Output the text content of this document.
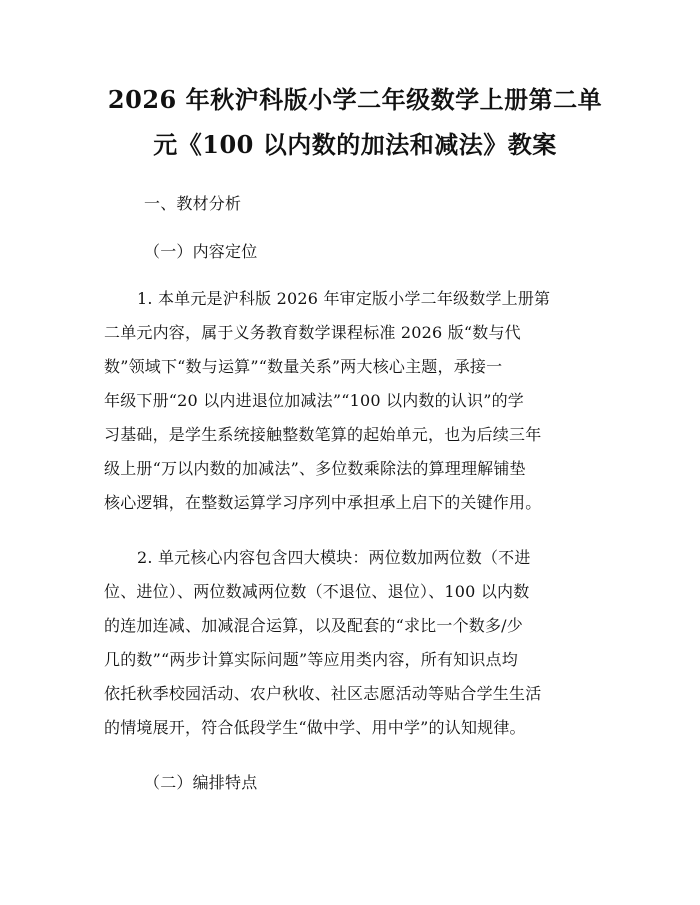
2026 年秋沪科版小学二年级数学上册第二单
元《100 以内数的加法和减法》教案
一、教材分析
（一）内容定位
1. 本单元是沪科版 2026 年审定版小学二年级数学上册第
二单元内容，属于义务教育数学课程标准 2026 版“数与代
数”领域下“数与运算”“数量关系”两大核心主题，承接一
年级下册“20 以内进退位加减法”“100 以内数的认识”的学
习基础，是学生系统接触整数笔算的起始单元，也为后续三年
级上册“万以内数的加减法”、多位数乘除法的算理理解铺垫
核心逻辑，在整数运算学习序列中承担承上启下的关键作用。
2. 单元核心内容包含四大模块：两位数加两位数（不进
位、进位）、两位数减两位数（不退位、退位）、100 以内数
的连加连减、加减混合运算，以及配套的“求比一个数多/少
几的数”“两步计算实际问题”等应用类内容，所有知识点均
依托秋季校园活动、农户秋收、社区志愿活动等贴合学生生活
的情境展开，符合低段学生“做中学、用中学”的认知规律。
（二）编排特点
